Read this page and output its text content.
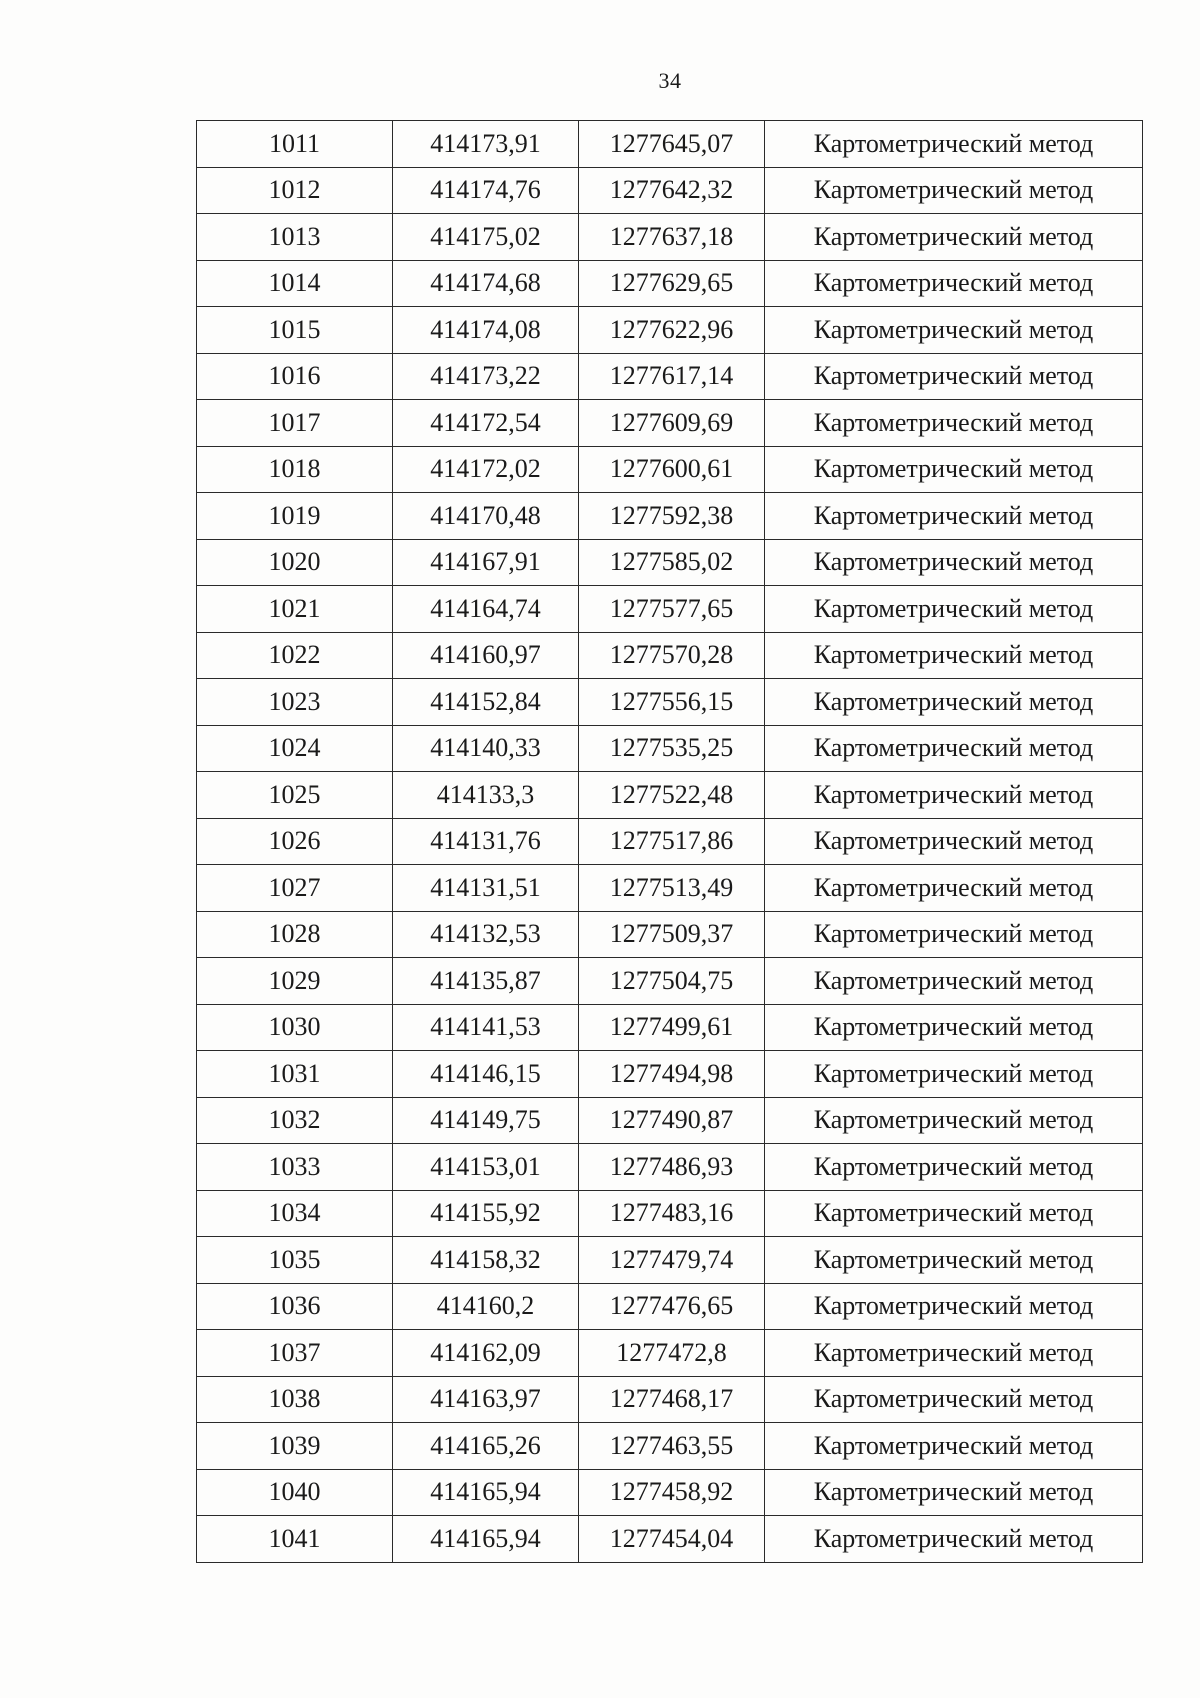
34
1011	414173,91	1277645,07	Картометрический метод
1012	414174,76	1277642,32	Картометрический метод
1013	414175,02	1277637,18	Картометрический метод
1014	414174,68	1277629,65	Картометрический метод
1015	414174,08	1277622,96	Картометрический метод
1016	414173,22	1277617,14	Картометрический метод
1017	414172,54	1277609,69	Картометрический метод
1018	414172,02	1277600,61	Картометрический метод
1019	414170,48	1277592,38	Картометрический метод
1020	414167,91	1277585,02	Картометрический метод
1021	414164,74	1277577,65	Картометрический метод
1022	414160,97	1277570,28	Картометрический метод
1023	414152,84	1277556,15	Картометрический метод
1024	414140,33	1277535,25	Картометрический метод
1025	414133,3	1277522,48	Картометрический метод
1026	414131,76	1277517,86	Картометрический метод
1027	414131,51	1277513,49	Картометрический метод
1028	414132,53	1277509,37	Картометрический метод
1029	414135,87	1277504,75	Картометрический метод
1030	414141,53	1277499,61	Картометрический метод
1031	414146,15	1277494,98	Картометрический метод
1032	414149,75	1277490,87	Картометрический метод
1033	414153,01	1277486,93	Картометрический метод
1034	414155,92	1277483,16	Картометрический метод
1035	414158,32	1277479,74	Картометрический метод
1036	414160,2	1277476,65	Картометрический метод
1037	414162,09	1277472,8	Картометрический метод
1038	414163,97	1277468,17	Картометрический метод
1039	414165,26	1277463,55	Картометрический метод
1040	414165,94	1277458,92	Картометрический метод
1041	414165,94	1277454,04	Картометрический метод
